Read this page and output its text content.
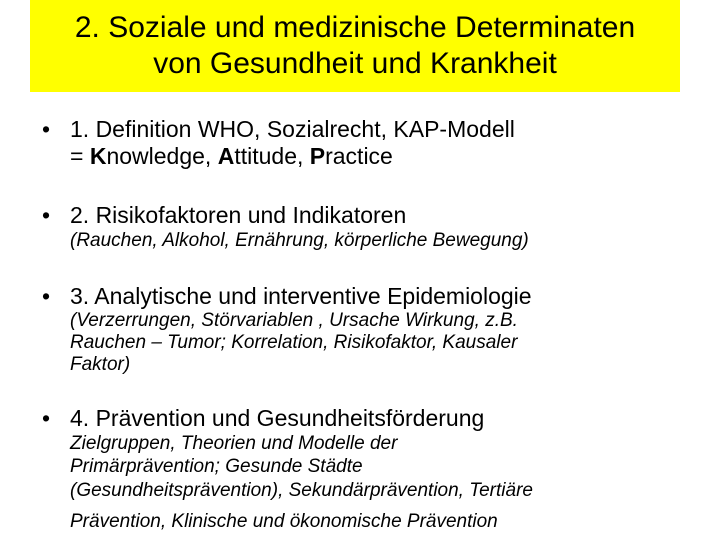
2. Soziale und medizinische Determinaten
von Gesundheit und Krankheit
• 1. Definition WHO, Sozialrecht, KAP-Modell
= Knowledge, Attitude, Practice
• 2. Risikofaktoren und Indikatoren
(Rauchen, Alkohol, Ernährung, körperliche Bewegung)
• 3. Analytische und interventive Epidemiologie
(Verzerrungen, Störvariablen , Ursache Wirkung, z.B.
Rauchen – Tumor; Korrelation, Risikofaktor, Kausaler
Faktor)
• 4. Prävention und Gesundheitsförderung
Zielgruppen, Theorien und Modelle der
Primärprävention; Gesunde Städte
(Gesundheitsprävention), Sekundärprävention, Tertiäre
Prävention, Klinische und ökonomische Prävention
